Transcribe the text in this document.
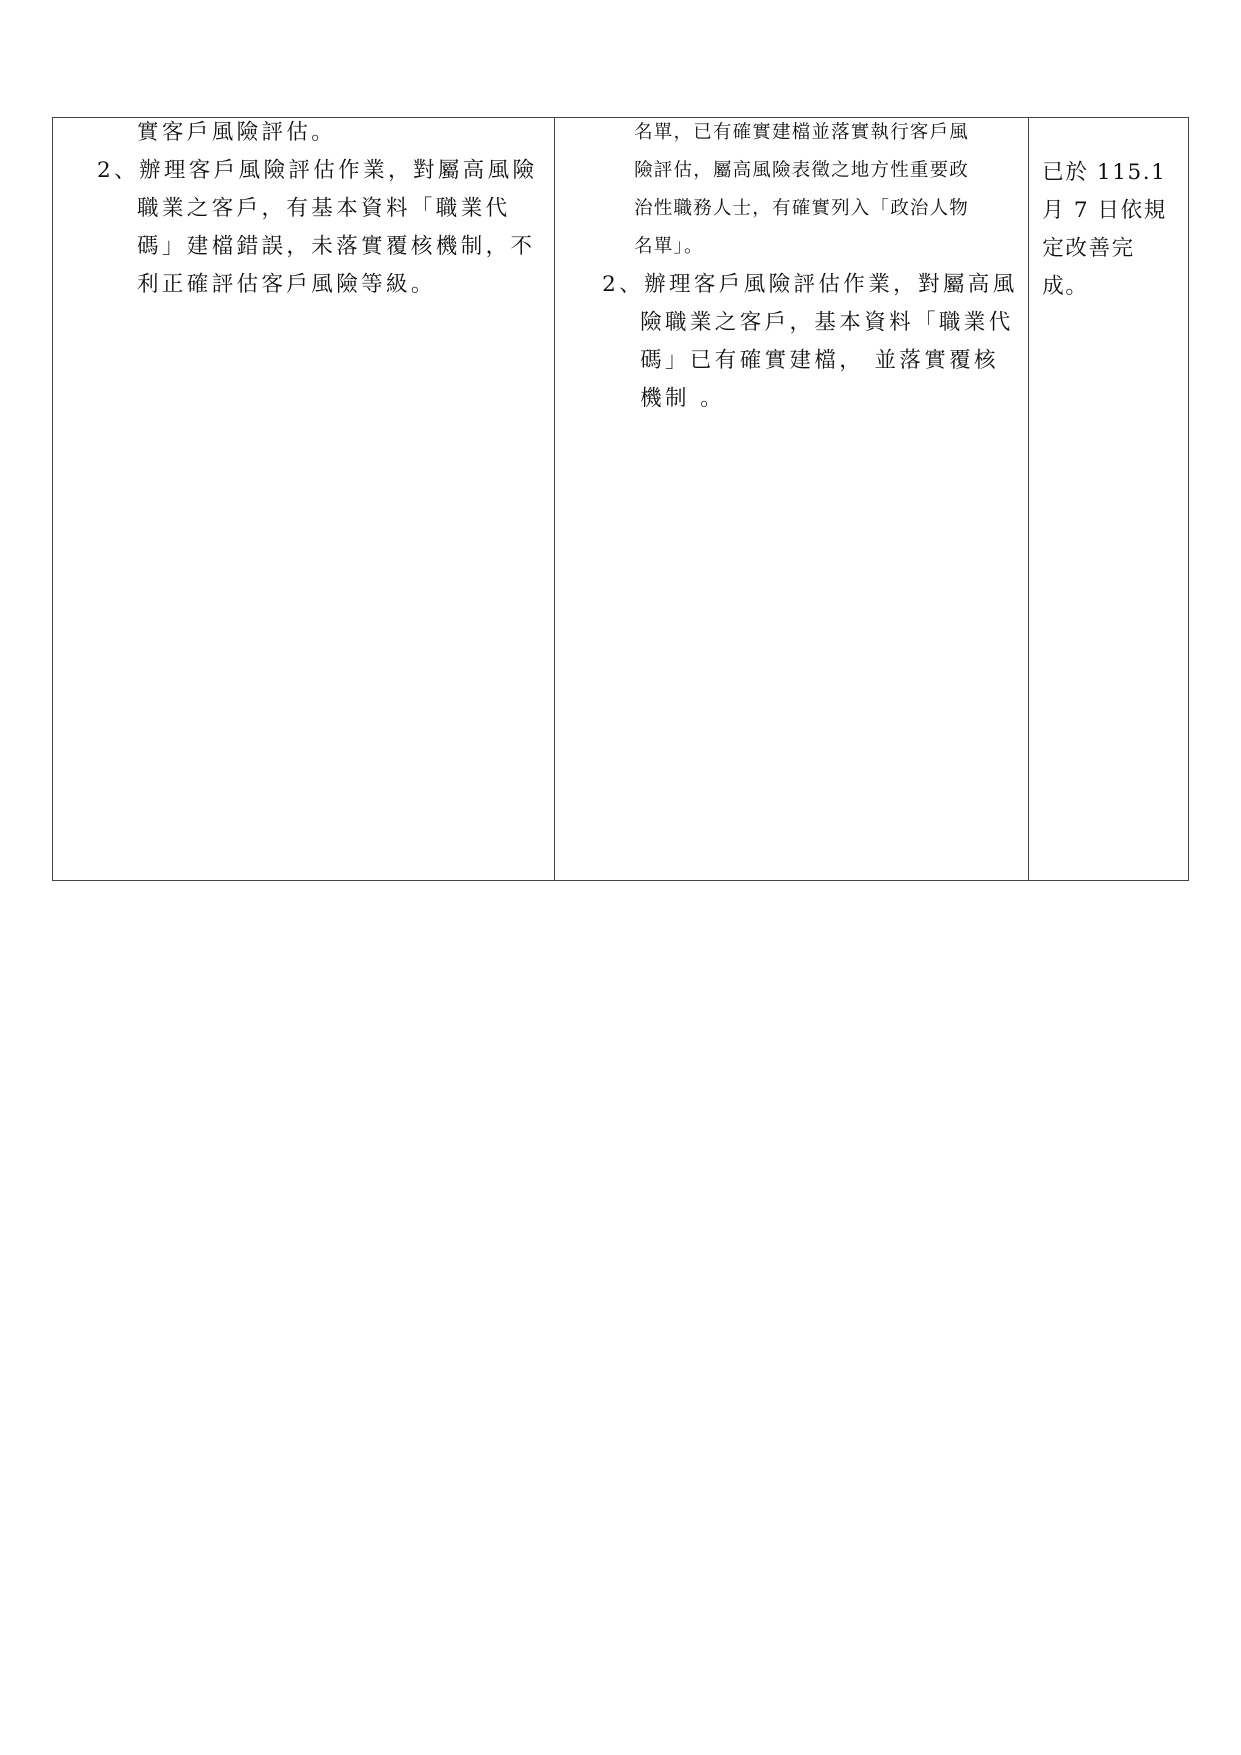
實客戶風險評估。
2、辦理客戶風險評估作業，對屬高風險
職業之客戶，有基本資料「職業代
碼」建檔錯誤，未落實覆核機制，不
利正確評估客戶風險等級。
名單，已有確實建檔並落實執行客戶風
險評估，屬高風險表徵之地方性重要政
治性職務人士，有確實列入「政治人物
名單」。
2、辦理客戶風險評估作業，對屬高風
險職業之客戶，基本資料「職業代
碼」已有確實建檔， 並落實覆核
機制 。
已於 115.1
月 7 日依規
定改善完
成。
